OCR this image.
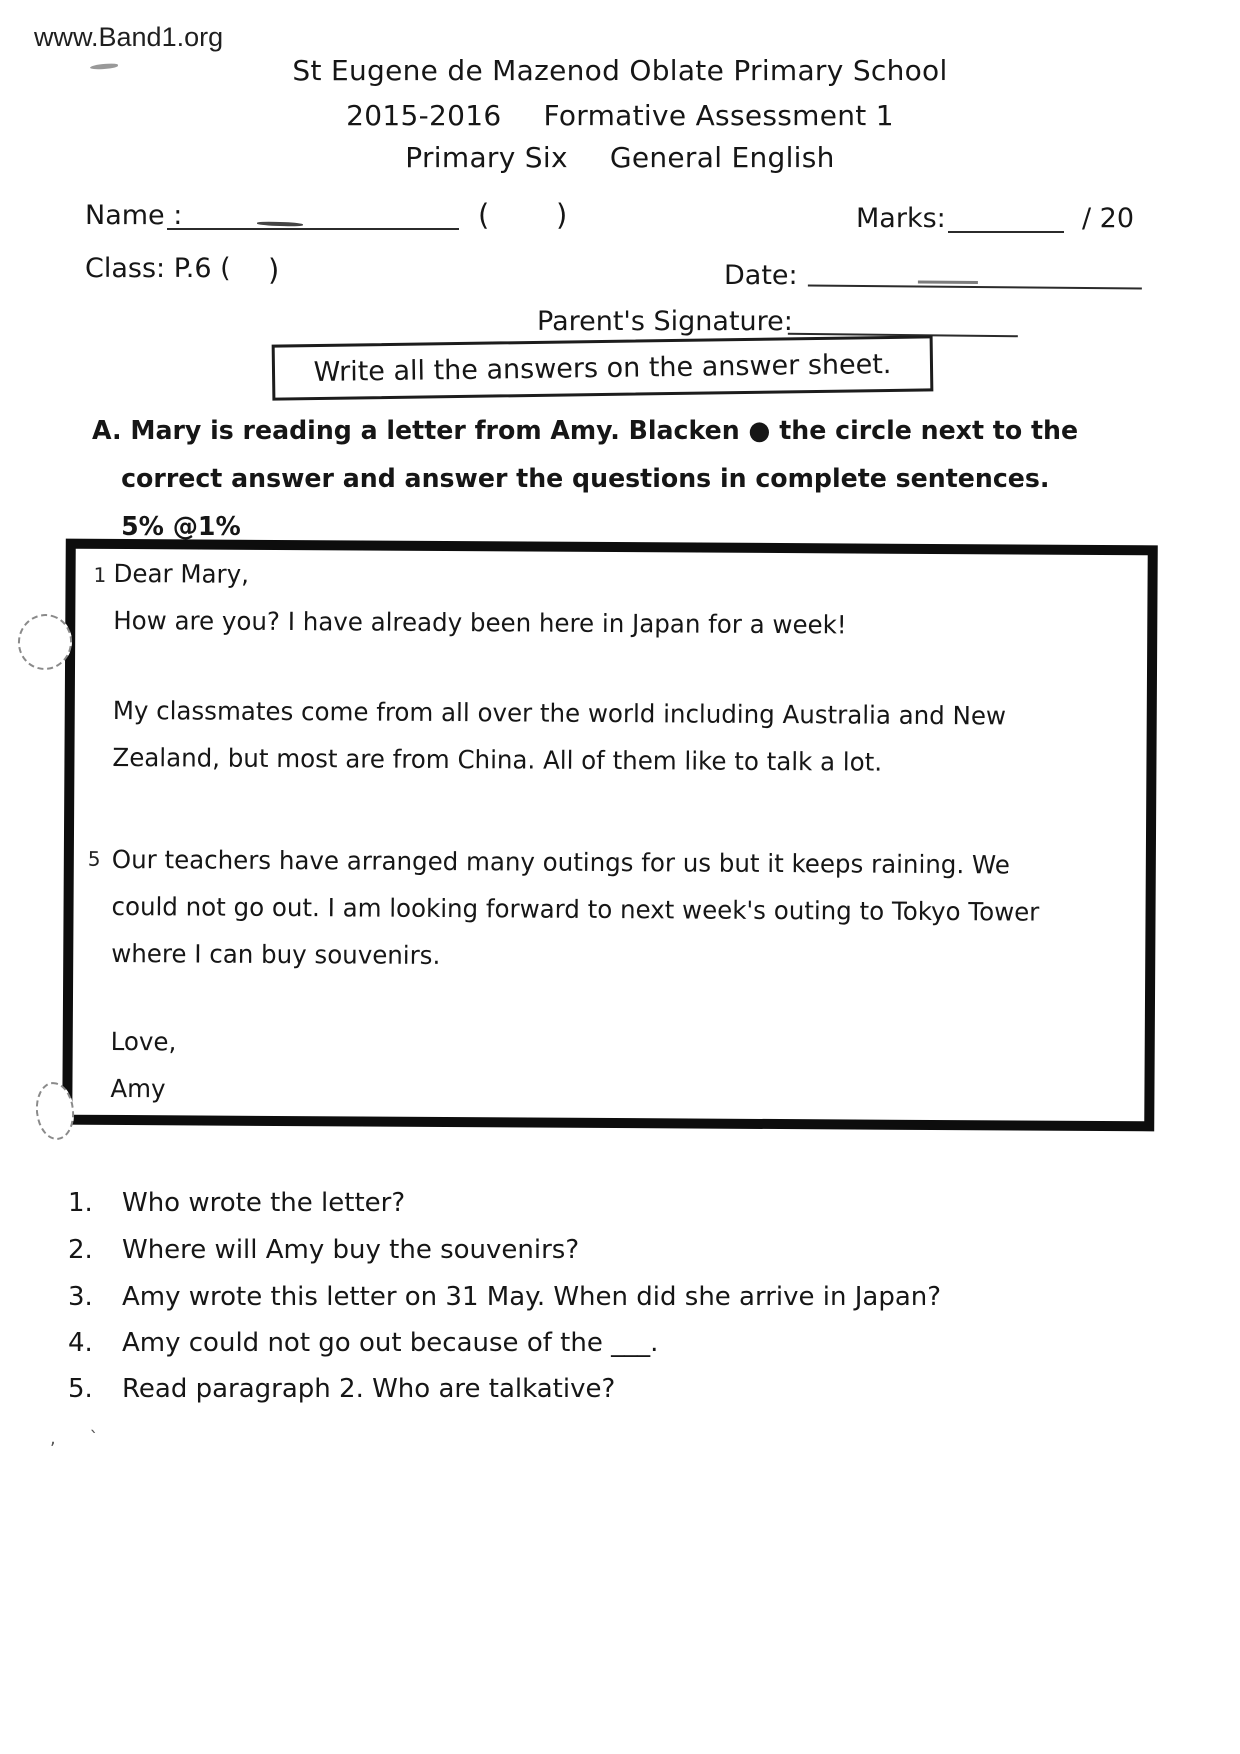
www.Band1.org
St Eugene de Mazenod Oblate Primary School
2015-2016 Formative Assessment 1
Primary Six General English
Name :	( )	Marks:	/ 20
Class: P.6 ( )	Date:
Parent's Signature:
Write all the answers on the answer sheet.
A. Mary is reading a letter from Amy. Blacken ● the circle next to the
correct answer and answer the questions in complete sentences.
5% @1%
1
5
Dear Mary,
How are you? I have already been here in Japan for a week!
My classmates come from all over the world including Australia and New
Zealand, but most are from China. All of them like to talk a lot.
Our teachers have arranged many outings for us but it keeps raining. We
could not go out. I am looking forward to next week's outing to Tokyo Tower
where I can buy souvenirs.
Love,
Amy
1. Who wrote the letter?
2. Where will Amy buy the souvenirs?
3. Amy wrote this letter on 31 May. When did she arrive in Japan?
4. Amy could not go out because of the ___.
5. Read paragraph 2. Who are talkative?
, `
